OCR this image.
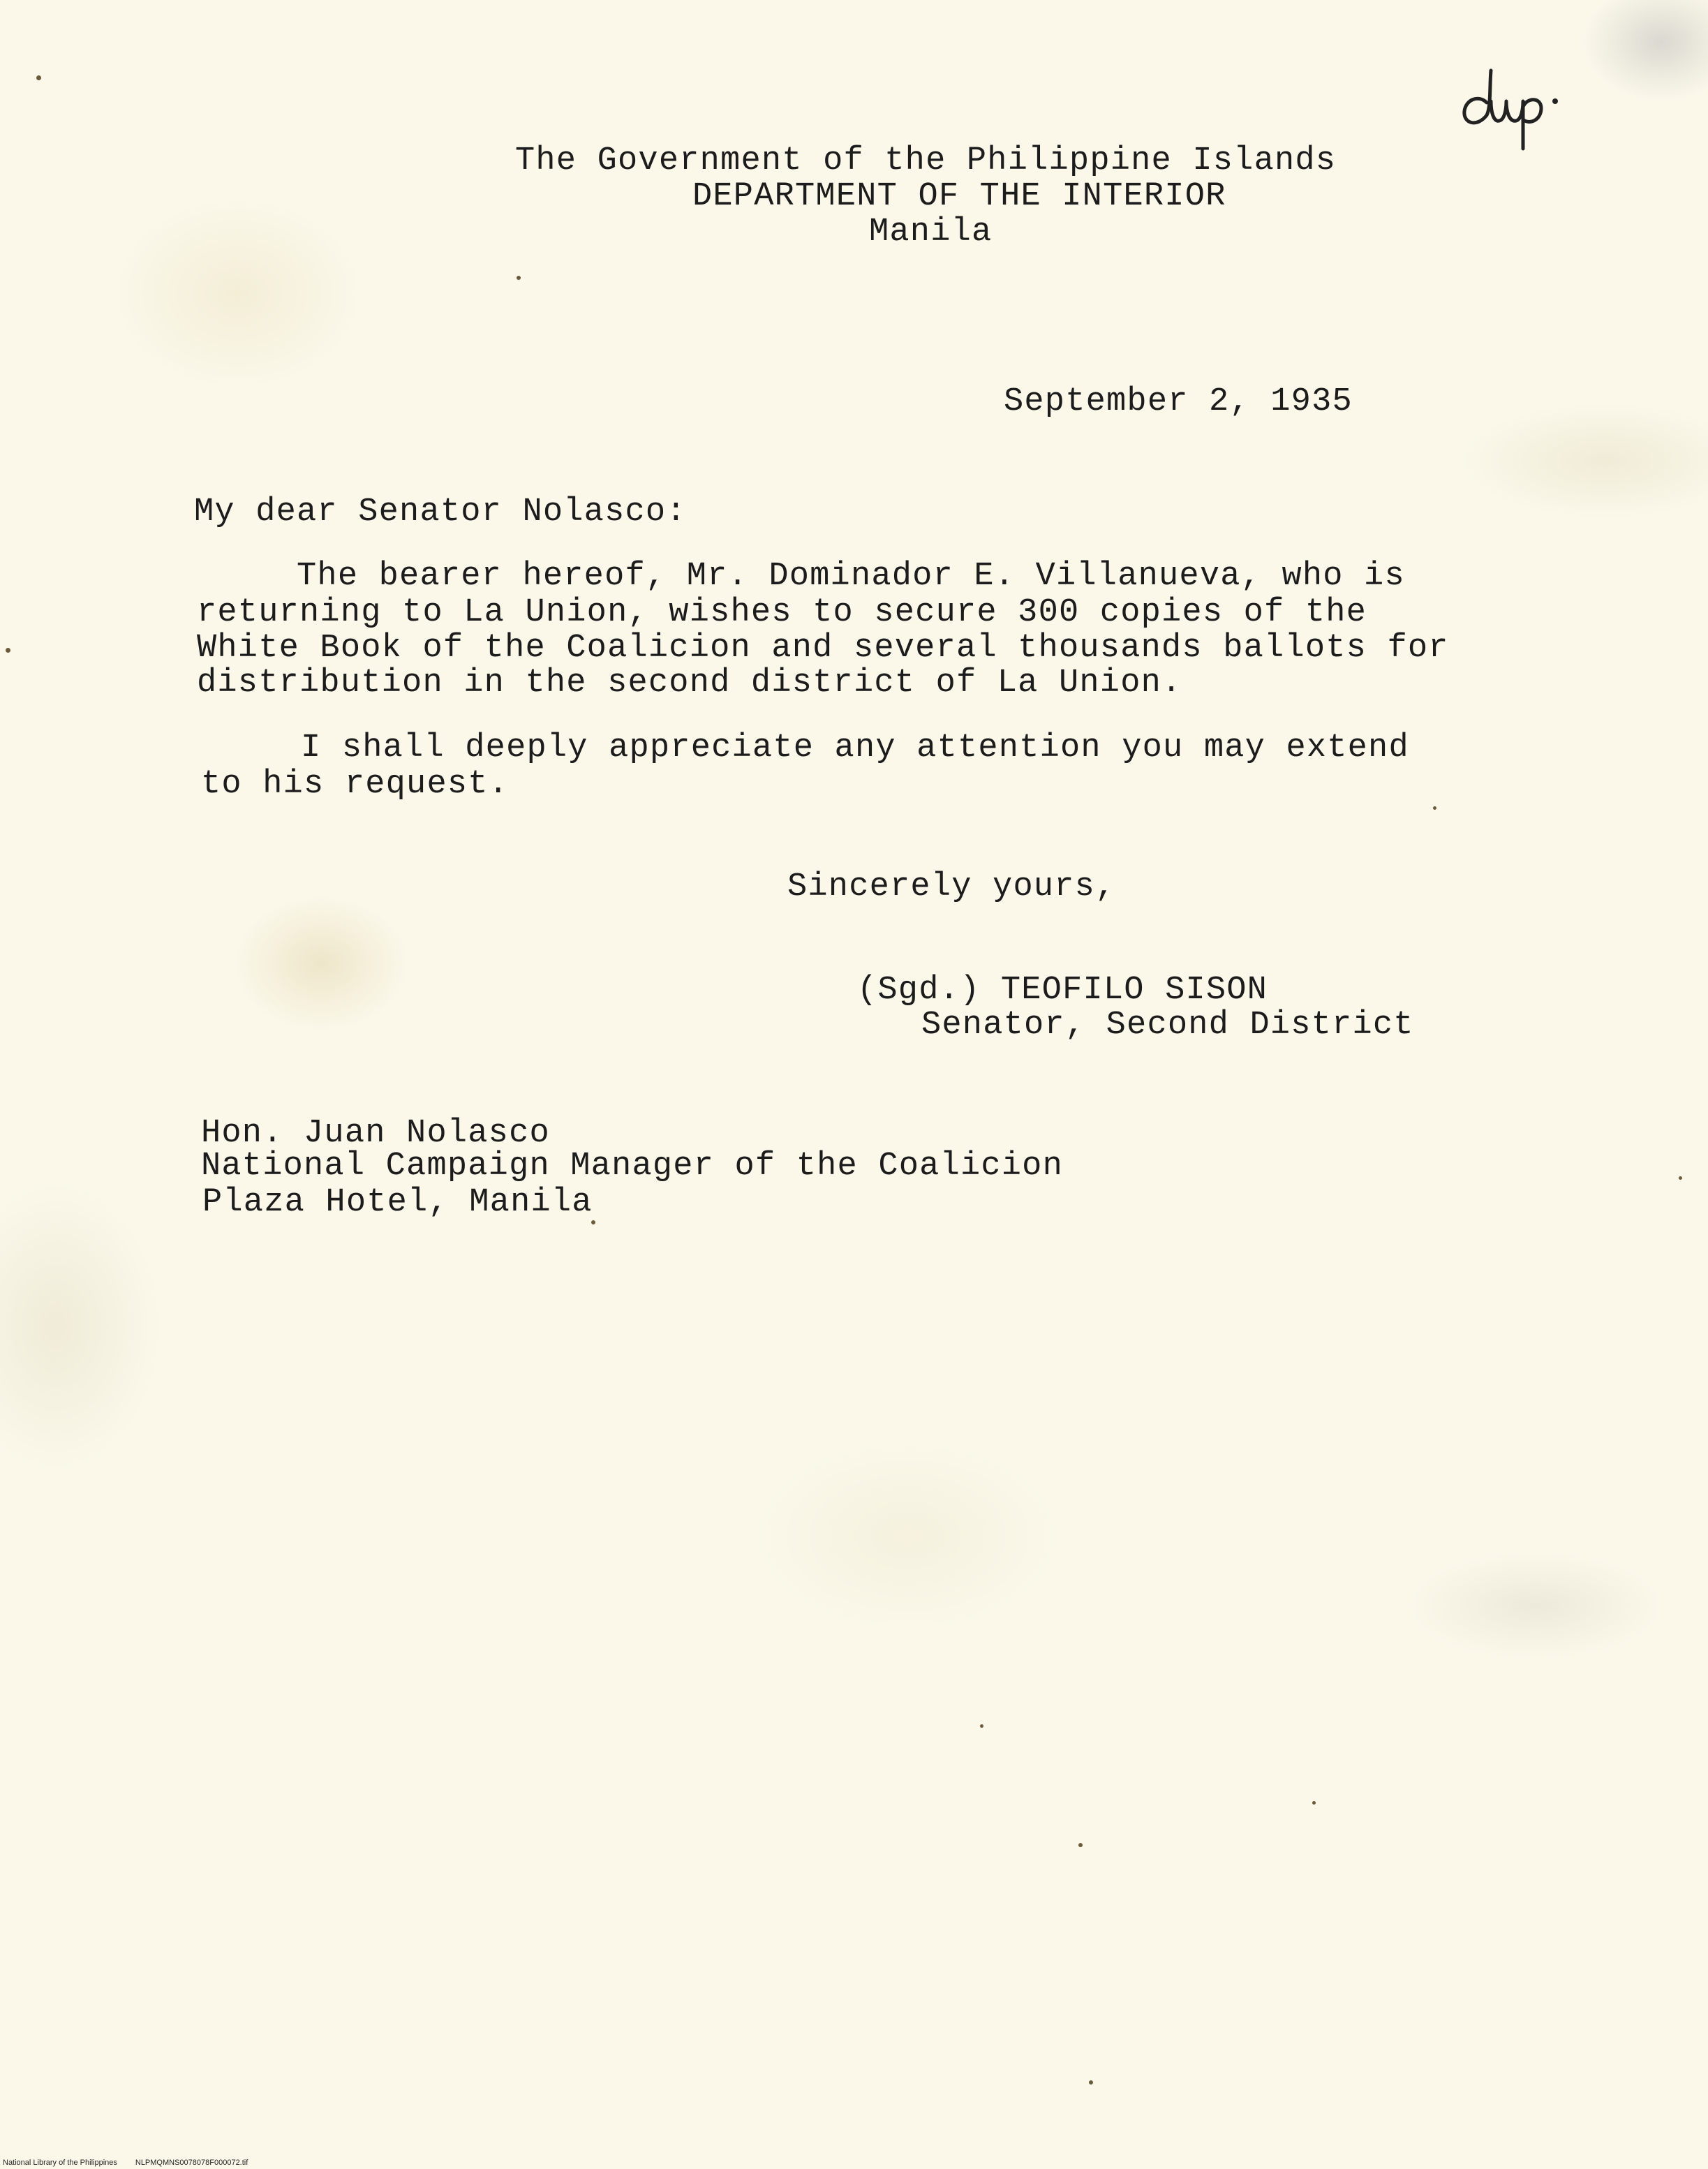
The Government of the Philippine Islands
DEPARTMENT OF THE INTERIOR
Manila
September 2, 1935
My dear Senator Nolasco:
The bearer hereof, Mr. Dominador E. Villanueva, who is
returning to La Union, wishes to secure 300 copies of the
White Book of the Coalicion and several thousands ballots for
distribution in the second district of La Union.
I shall deeply appreciate any attention you may extend
to his request.
Sincerely yours,
(Sgd.) TEOFILO SISON
Senator, Second District
Hon. Juan Nolasco
National Campaign Manager of the Coalicion
Plaza Hotel, Manila
National Library of the Philippines NLPMQMNS0078078F000072.tif
